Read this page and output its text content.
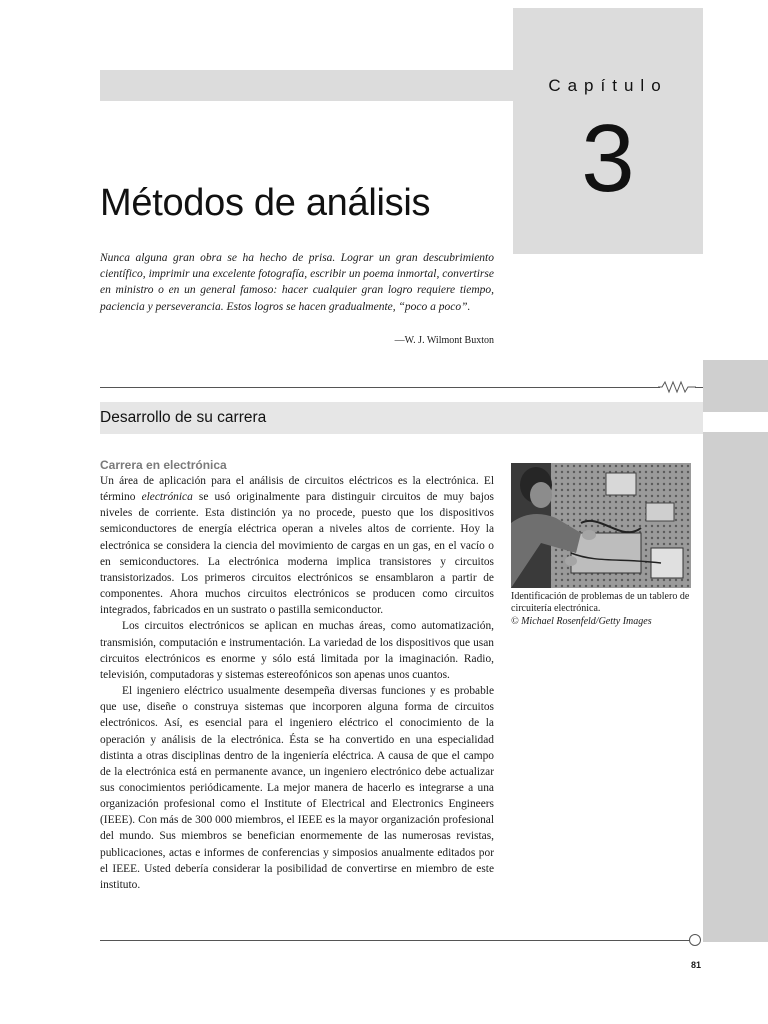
Capítulo
3
Métodos de análisis
Nunca alguna gran obra se ha hecho de prisa. Lograr un gran descubrimiento científico, imprimir una excelente fotografía, escribir un poema inmortal, convertirse en ministro o en un general famoso: hacer cualquier gran logro requiere tiempo, paciencia y perseverancia. Estos logros se hacen gradualmente, “poco a poco”.
—W. J. Wilmont Buxton
Desarrollo de su carrera
Carrera en electrónica

Un área de aplicación para el análisis de circuitos eléctricos es la electrónica. El término electrónica se usó originalmente para distinguir circuitos de muy bajos niveles de corriente. Esta distinción ya no procede, puesto que los dispositivos semiconductores de energía eléctrica operan a niveles altos de corriente. Hoy la electrónica se considera la ciencia del movimiento de cargas en un gas, en el vacío o en semiconductores. La electrónica moderna implica transistores y circuitos transistorizados. Los primeros circuitos electrónicos se ensamblaron a partir de componentes. Ahora muchos circuitos electrónicos se producen como circuitos integrados, fabricados en un sustrato o pastilla semiconductor.

Los circuitos electrónicos se aplican en muchas áreas, como automatización, transmisión, computación e instrumentación. La variedad de los dispositivos que usan circuitos electrónicos es enorme y sólo está limitada por la imaginación. Radio, televisión, computadoras y sistemas estereofónicos son apenas unos cuantos.

El ingeniero eléctrico usualmente desempeña diversas funciones y es probable que use, diseñe o construya sistemas que incorporen alguna forma de circuitos electrónicos. Así, es esencial para el ingeniero eléctrico el conocimiento de la operación y análisis de la electrónica. Ésta se ha convertido en una especialidad distinta a otras disciplinas dentro de la ingeniería eléctrica. A causa de que el campo de la electrónica está en permanente avance, un ingeniero electrónico debe actualizar sus conocimientos periódicamente. La mejor manera de hacerlo es integrarse a una organización profesional como el Institute of Electrical and Electronics Engineers (IEEE). Con más de 300 000 miembros, el IEEE es la mayor organización profesional del mundo. Sus miembros se benefician enormemente de las numerosas revistas, publicaciones, actas e informes de conferencias y simposios anualmente editados por el IEEE. Usted debería considerar la posibilidad de convertirse en miembro de este instituto.

Identificación de problemas de un tablero de circuitería electrónica.
© Michael Rosenfeld/Getty Images
81
